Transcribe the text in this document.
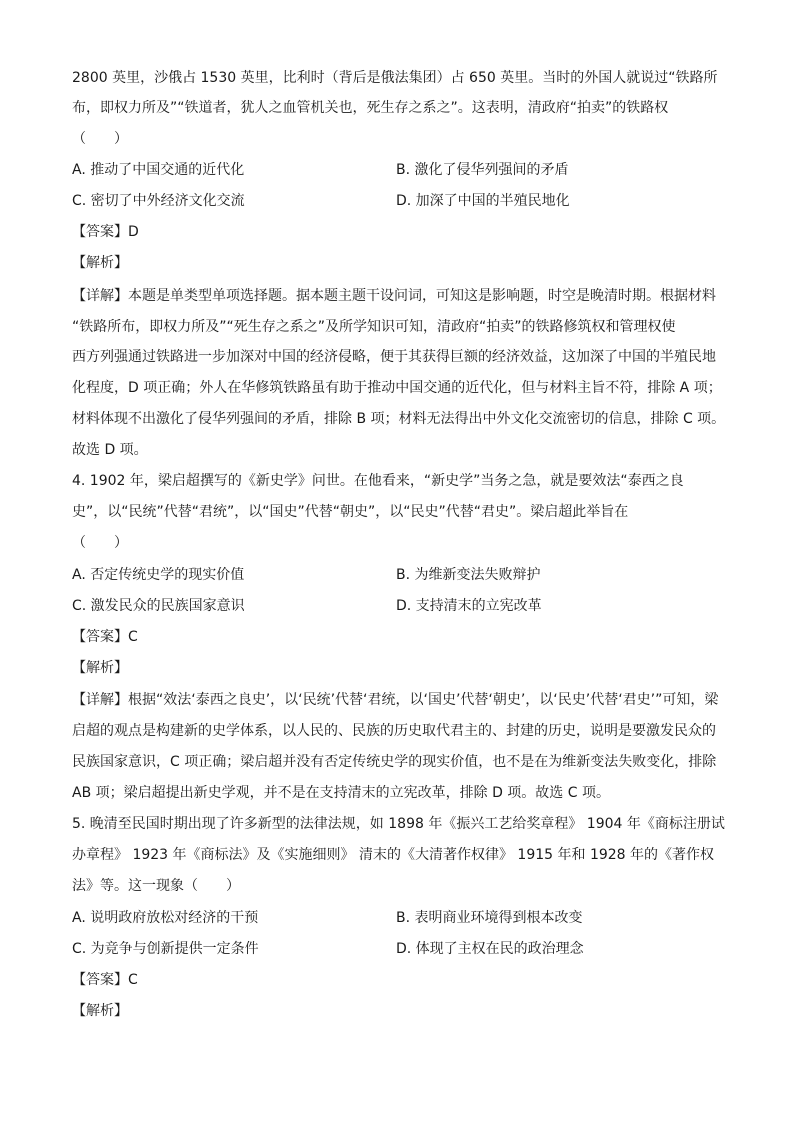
2800 英里，沙俄占 1530 英里，比利时（背后是俄法集团）占 650 英里。当时的外国人就说过“铁路所
布，即权力所及”“铁道者，犹人之血管机关也，死生存之系之”。这表明，清政府“拍卖”的铁路权
（　　）
A. 推动了中国交通的近代化	B. 激化了侵华列强间的矛盾
C. 密切了中外经济文化交流	D. 加深了中国的半殖民地化
【答案】D
【解析】
【详解】本题是单类型单项选择题。据本题主题干设问词，可知这是影响题，时空是晚清时期。根据材料
“铁路所布，即权力所及”“死生存之系之”及所学知识可知，清政府“拍卖”的铁路修筑权和管理权使
西方列强通过铁路进一步加深对中国的经济侵略，便于其获得巨额的经济效益，这加深了中国的半殖民地
化程度，D 项正确；外人在华修筑铁路虽有助于推动中国交通的近代化，但与材料主旨不符，排除 A 项；
材料体现不出激化了侵华列强间的矛盾，排除 B 项；材料无法得出中外文化交流密切的信息，排除 C 项。
故选 D 项。
4. 1902 年，梁启超撰写的《新史学》问世。在他看来，“新史学”当务之急，就是要效法“泰西之良
史”，以“民统”代替“君统”，以“国史”代替“朝史”，以“民史”代替“君史”。梁启超此举旨在
（　　）
A. 否定传统史学的现实价值	B. 为维新变法失败辩护
C. 激发民众的民族国家意识	D. 支持清末的立宪改革
【答案】C
【解析】
【详解】根据“效法‘泰西之良史’，以‘民统’代替‘君统，以‘国史’代替‘朝史’，以‘民史’代替‘君史’”可知，梁
启超的观点是构建新的史学体系，以人民的、民族的历史取代君主的、封建的历史，说明是要激发民众的
民族国家意识，C 项正确；梁启超并没有否定传统史学的现实价值，也不是在为维新变法失败变化，排除
AB 项；梁启超提出新史学观，并不是在支持清末的立宪改革，排除 D 项。故选 C 项。
5. 晚清至民国时期出现了许多新型的法律法规，如 1898 年《振兴工艺给奖章程》 1904 年《商标注册试
办章程》 1923 年《商标法》及《实施细则》 清末的《大清著作权律》 1915 年和 1928 年的《著作权
法》等。这一现象（　　）
A. 说明政府放松对经济的干预	B. 表明商业环境得到根本改变
C. 为竞争与创新提供一定条件	D. 体现了主权在民的政治理念
【答案】C
【解析】
